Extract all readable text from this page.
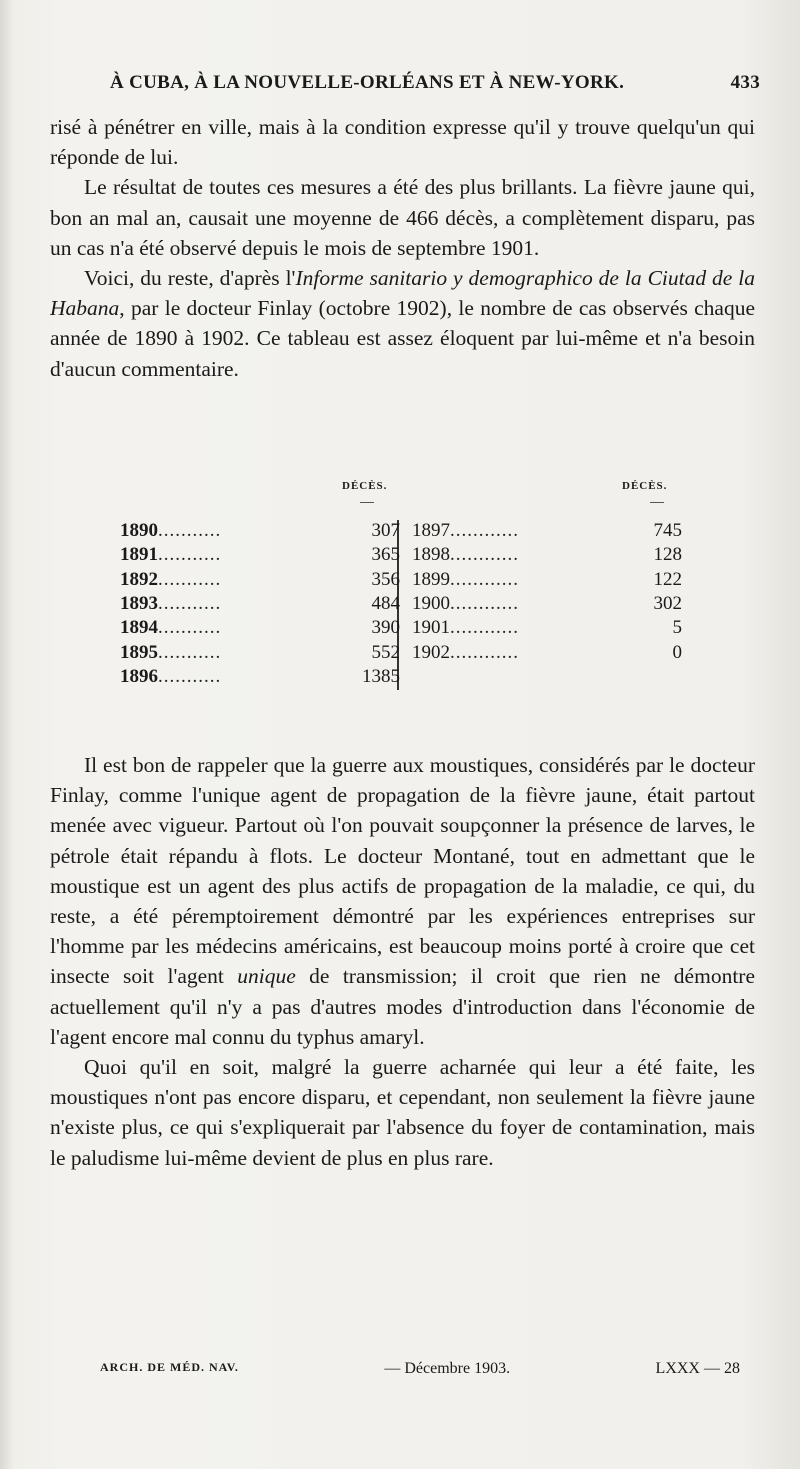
À CUBA, À LA NOUVELLE-ORLÉANS ET À NEW-YORK.	433

risé à pénétrer en ville, mais à la condition expresse qu'il y trouve quelqu'un qui réponde de lui.

Le résultat de toutes ces mesures a été des plus brillants. La fièvre jaune qui, bon an mal an, causait une moyenne de 466 décès, a complètement disparu, pas un cas n'a été observé depuis le mois de septembre 1901.

Voici, du reste, d'après l'Informe sanitario y demographico de la Ciutad de la Habana, par le docteur Finlay (octobre 1902), le nombre de cas observés chaque année de 1890 à 1902. Ce tableau est assez éloquent par lui-même et n'a besoin d'aucun commentaire.

DÉCÈS.	DÉCÈS.
1890...........	307
1891...........	365
1892...........	356
1893...........	484
1894...........	390
1895...........	552
1896...........	1385
1897............	745
1898............	128
1899............	122
1900............	302
1901............	5
1902............	0

Il est bon de rappeler que la guerre aux moustiques, considérés par le docteur Finlay, comme l'unique agent de propagation de la fièvre jaune, était partout menée avec vigueur. Partout où l'on pouvait soupçonner la présence de larves, le pétrole était répandu à flots. Le docteur Montané, tout en admettant que le moustique est un agent des plus actifs de propagation de la maladie, ce qui, du reste, a été péremptoirement démontré par les expériences entreprises sur l'homme par les médecins américains, est beaucoup moins porté à croire que cet insecte soit l'agent unique de transmission; il croit que rien ne démontre actuellement qu'il n'y a pas d'autres modes d'introduction dans l'économie de l'agent encore mal connu du typhus amaryl.

Quoi qu'il en soit, malgré la guerre acharnée qui leur a été faite, les moustiques n'ont pas encore disparu, et cependant, non seulement la fièvre jaune n'existe plus, ce qui s'expliquerait par l'absence du foyer de contamination, mais le paludisme lui-même devient de plus en plus rare.

ARCH. DE MÉD. NAV.	— Décembre 1903.	LXXX — 28
